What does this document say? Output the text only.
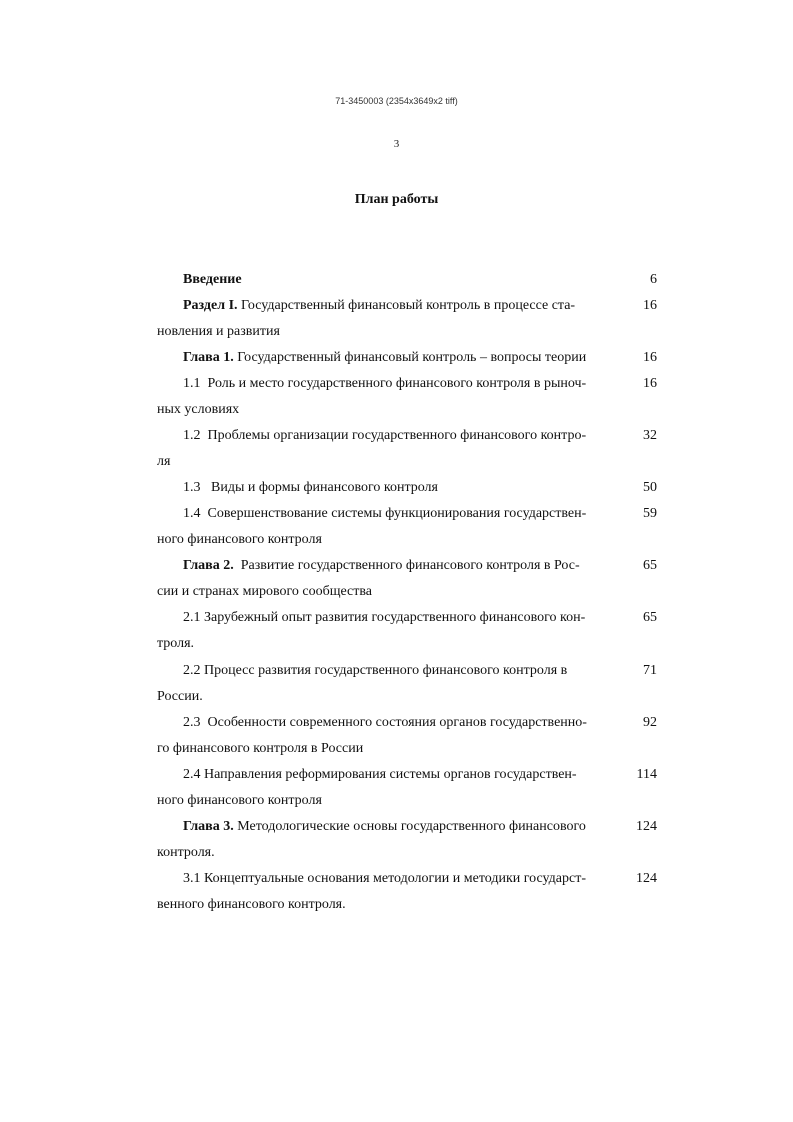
71-3450003 (2354x3649x2 tiff)
3
План работы
Введение	6
Раздел I. Государственный финансовый контроль в процессе ста-	16
новления и развития
Глава 1. Государственный финансовый контроль – вопросы теории	16
1.1 Роль и место государственного финансового контроля в рыноч-	16
ных условиях
1.2 Проблемы организации государственного финансового контро-	32
ля
1.3 Виды и формы финансового контроля	50
1.4 Совершенствование системы функционирования государствен-	59
ного финансового контроля
Глава 2. Развитие государственного финансового контроля в Рос-	65
сии и странах мирового сообщества
2.1 Зарубежный опыт развития государственного финансового кон-	65
троля.
2.2 Процесс развития государственного финансового контроля в	71
России.
2.3 Особенности современного состояния органов государственно-	92
го финансового контроля в России
2.4 Направления реформирования системы органов государствен-	114
ного финансового контроля
Глава 3. Методологические основы государственного финансового	124
контроля.
3.1 Концептуальные основания методологии и методики государст-	124
венного финансового контроля.
